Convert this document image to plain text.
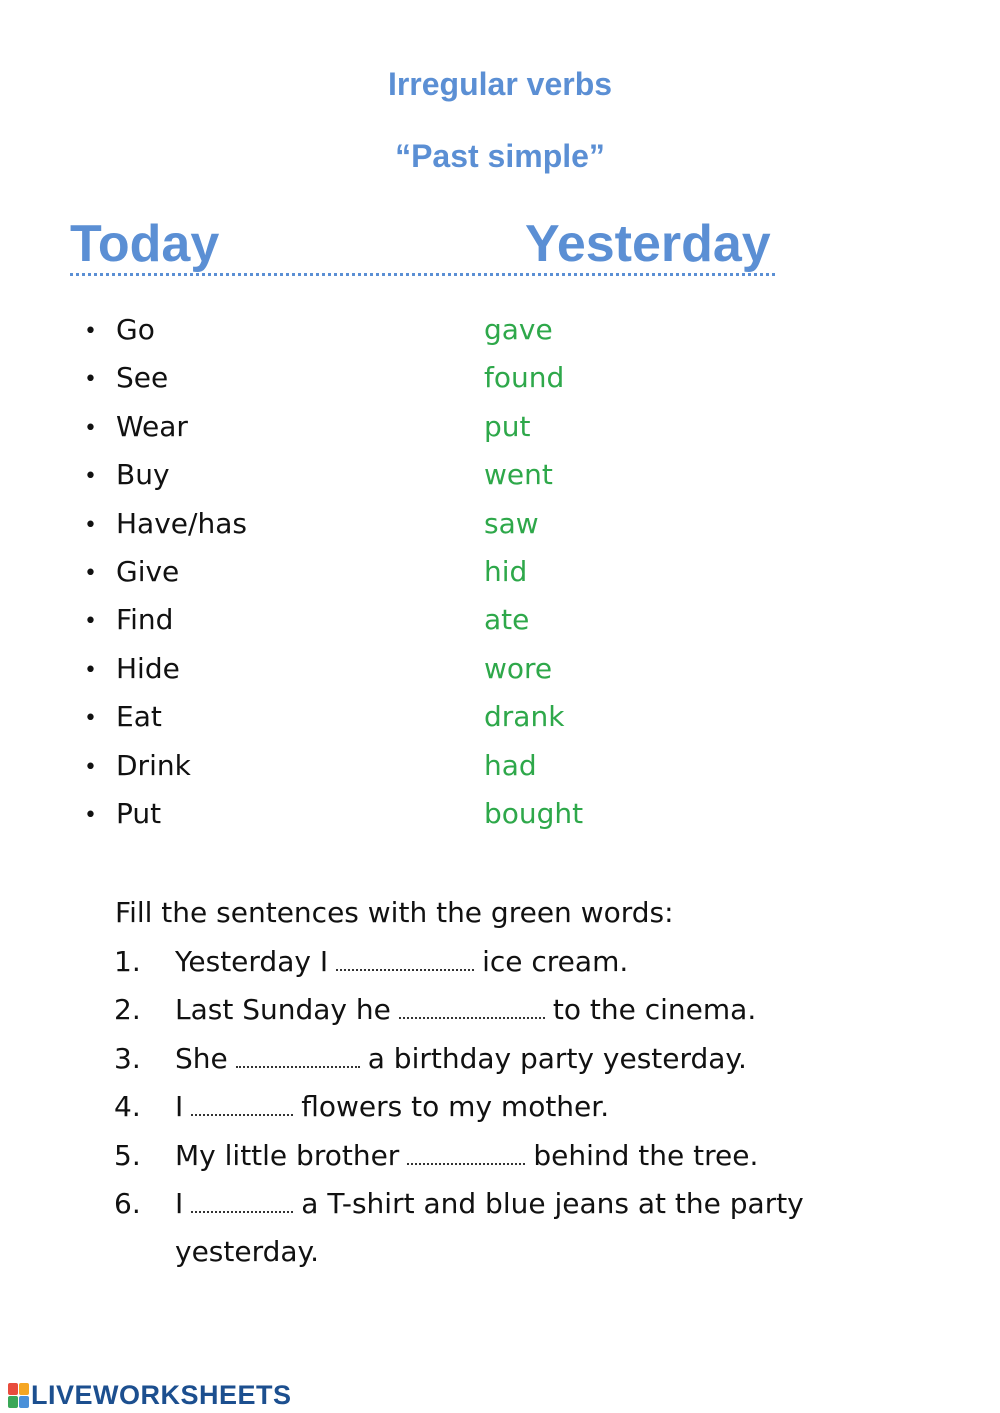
Irregular verbs
“Past simple”
Today	Yesterday
• Go	gave
• See	found
• Wear	put
• Buy	went
• Have/has	saw
• Give	hid
• Find	ate
• Hide	wore
• Eat	drank
• Drink	had
• Put	bought
Fill the sentences with the green words:
1. Yesterday I	ice cream.
2. Last Sunday he	to the cinema.
3. She	a birthday party yesterday.
4. I	flowers to my mother.
5. My little brother	behind the tree.
6. I	a T-shirt and blue jeans at the party
yesterday.
LIVEWORKSHEETS
